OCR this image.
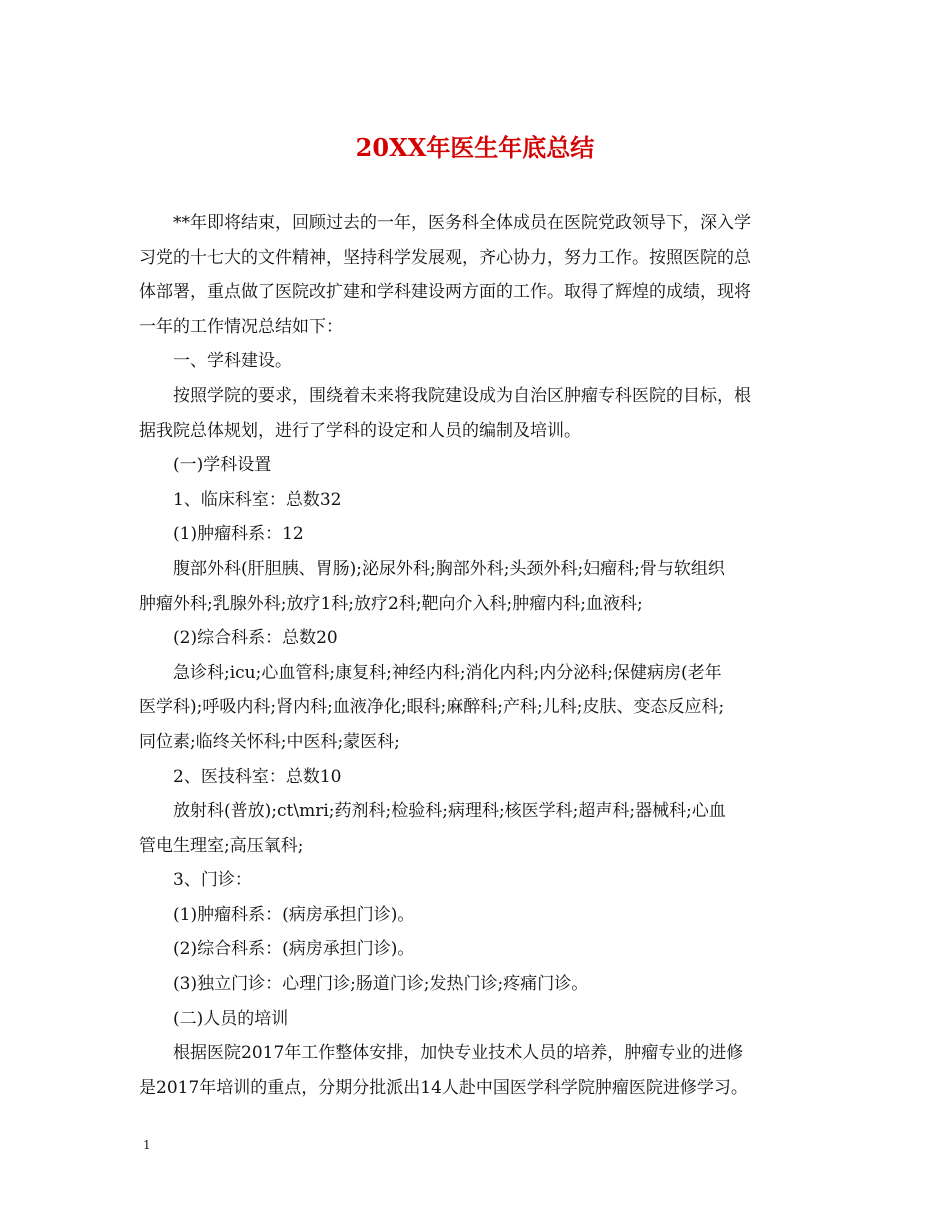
20XX年医生年底总结
**年即将结束，回顾过去的一年，医务科全体成员在医院党政领导下，深入学
习党的十七大的文件精神，坚持科学发展观，齐心协力，努力工作。按照医院的总
体部署，重点做了医院改扩建和学科建设两方面的工作。取得了辉煌的成绩，现将
一年的工作情况总结如下：
一、学科建设。
按照学院的要求，围绕着未来将我院建设成为自治区肿瘤专科医院的目标，根
据我院总体规划，进行了学科的设定和人员的编制及培训。
(一)学科设置
1、临床科室：总数32
(1)肿瘤科系：12
腹部外科(肝胆胰、胃肠);泌尿外科;胸部外科;头颈外科;妇瘤科;骨与软组织
肿瘤外科;乳腺外科;放疗1科;放疗2科;靶向介入科;肿瘤内科;血液科;
(2)综合科系：总数20
急诊科;icu;心血管科;康复科;神经内科;消化内科;内分泌科;保健病房(老年
医学科);呼吸内科;肾内科;血液净化;眼科;麻醉科;产科;儿科;皮肤、变态反应科;
同位素;临终关怀科;中医科;蒙医科;
2、医技科室：总数10
放射科(普放);ct\mri;药剂科;检验科;病理科;核医学科;超声科;器械科;心血
管电生理室;高压氧科;
3、门诊：
(1)肿瘤科系：(病房承担门诊)。
(2)综合科系：(病房承担门诊)。
(3)独立门诊：心理门诊;肠道门诊;发热门诊;疼痛门诊。
(二)人员的培训
根据医院2017年工作整体安排，加快专业技术人员的培养，肿瘤专业的进修
是2017年培训的重点，分期分批派出14人赴中国医学科学院肿瘤医院进修学习。
1
